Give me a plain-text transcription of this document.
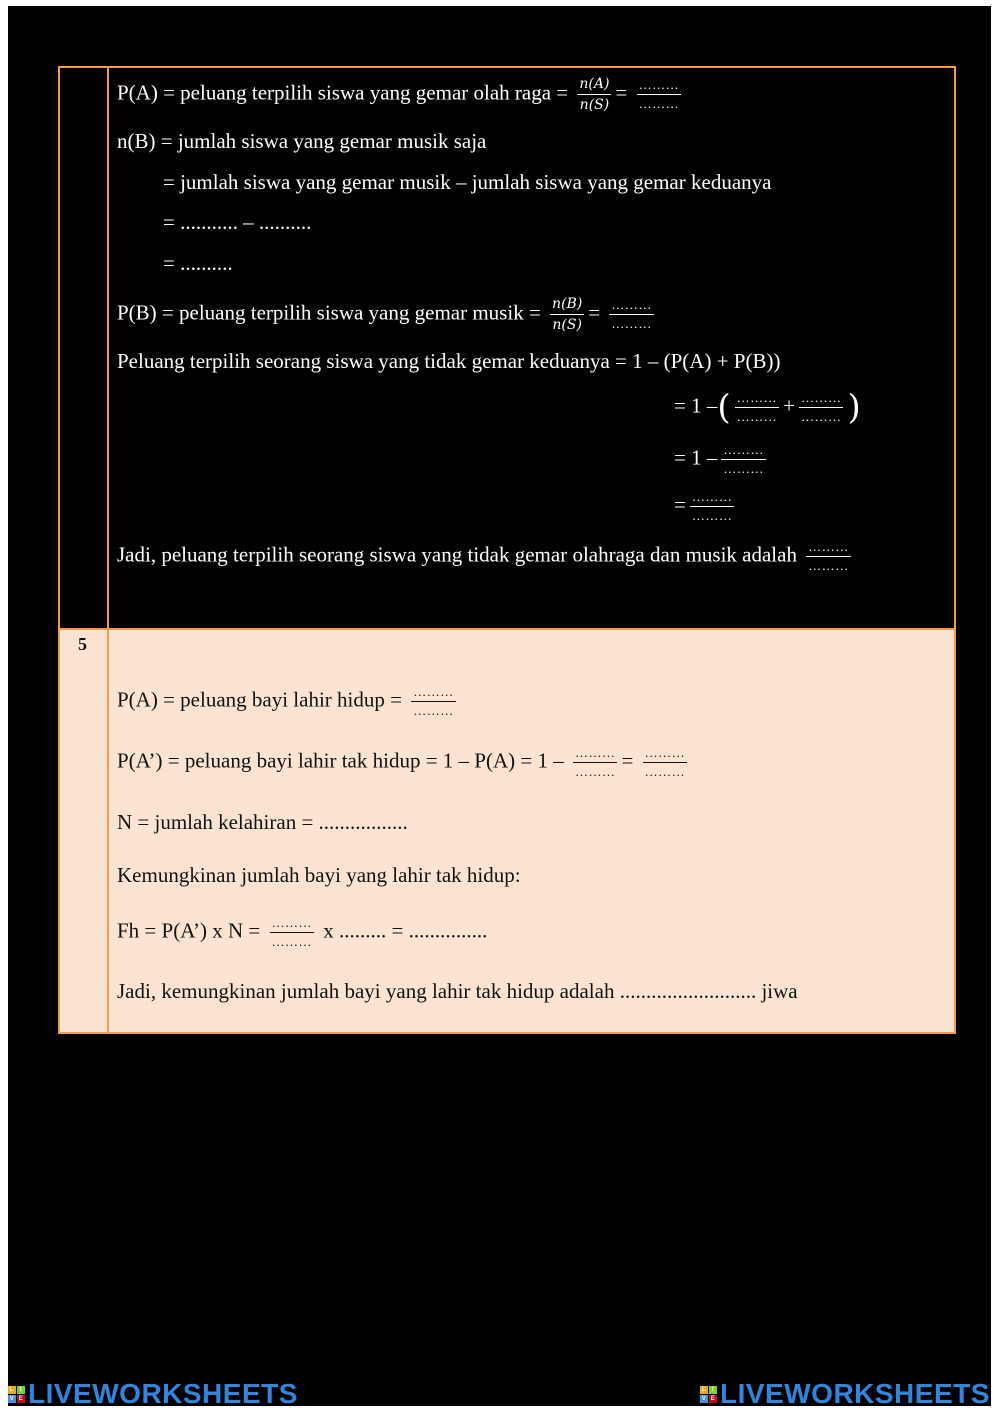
P(A) = peluang terpilih siswa yang gemar olah raga = $\frac{n(A)}{n(S)} = \frac{\dots\dots\dots}{\dots\dots\dots}$
n(B) = jumlah siswa yang gemar musik saja
= jumlah siswa yang gemar musik – jumlah siswa yang gemar keduanya
= ........... – ..........
= ..........
P(B) = peluang terpilih siswa yang gemar musik = $\frac{n(B)}{n(S)} = \frac{\dots\dots\dots}{\dots\dots\dots}$
Peluang terpilih seorang siswa yang tidak gemar keduanya = 1 – (P(A) + P(B))
= 1 –( $\frac{\dots\dots\dots}{\dots\dots\dots} + \frac{\dots\dots\dots}{\dots\dots\dots}$ )
= $1 - \frac{\dots\dots\dots}{\dots\dots\dots}$
= $\frac{\dots\dots\dots}{\dots\dots\dots}$
Jadi, peluang terpilih seorang siswa yang tidak gemar olahraga dan musik adalah $\frac{\dots\dots\dots}{\dots\dots\dots}$
5
P(A) = peluang bayi lahir hidup = $\frac{\dots\dots\dots}{\dots\dots\dots}$
P(A’) = peluang bayi lahir tak hidup = $1 - P(A) = 1 - \frac{\dots\dots\dots}{\dots\dots\dots} = \frac{\dots\dots\dots}{\dots\dots\dots}$
N = jumlah kelahiran = .................
Kemungkinan jumlah bayi yang lahir tak hidup:
Fh = P(A’) x $N = \frac{\dots\dots\dots}{\dots\dots\dots}$ x ......... = ...............
Jadi, kemungkinan jumlah bayi yang lahir tak hidup adalah .......................... jiwa
L I
V E LIVEWORKSHEETS	L I
V E LIVEWORKSHEETS
